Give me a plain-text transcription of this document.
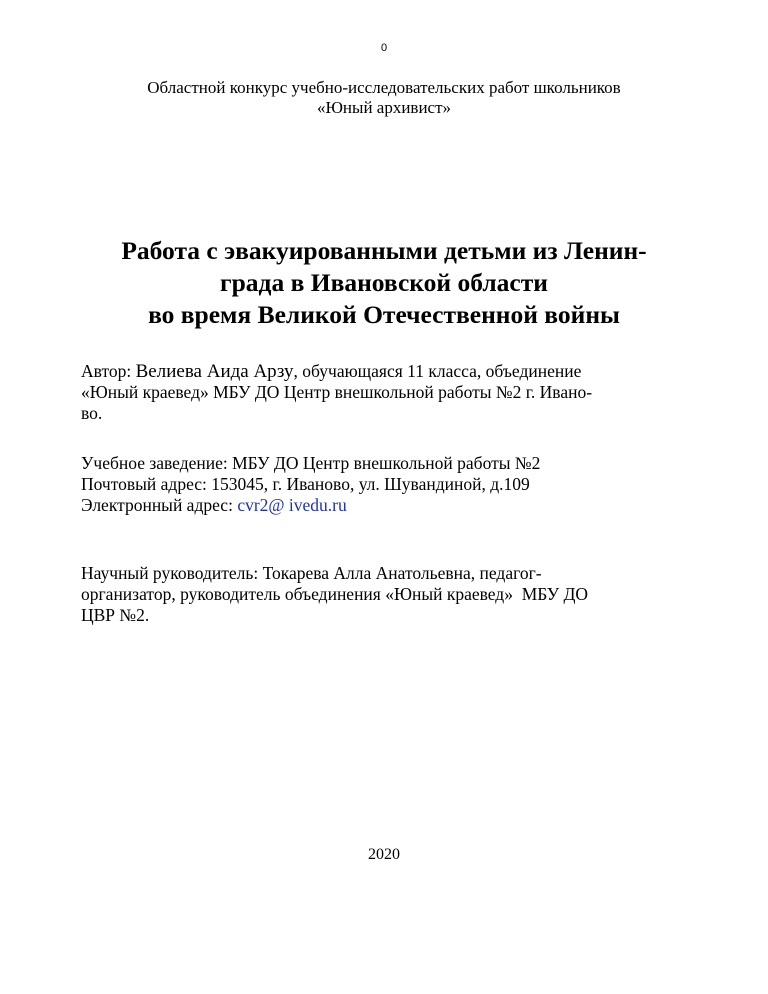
0
Областной конкурс учебно-исследовательских работ школьников
«Юный архивист»
Работа с эвакуированными детьми из Ленин-
града в Ивановской области
во время Великой Отечественной войны
Автор: Велиева Аида Арзу, обучающаяся 11 класса, объединение
«Юный краевед» МБУ ДО Центр внешкольной работы №2 г. Ивано-
во.
Учебное заведение: МБУ ДО Центр внешкольной работы №2
Почтовый адрес: 153045, г. Иваново, ул. Шувандиной, д.109
Электронный адрес: cvr2@ ivedu.ru
Научный руководитель: Токарева Алла Анатольевна, педагог-
организатор, руководитель объединения «Юный краевед»  МБУ ДО
ЦВР №2.
2020
